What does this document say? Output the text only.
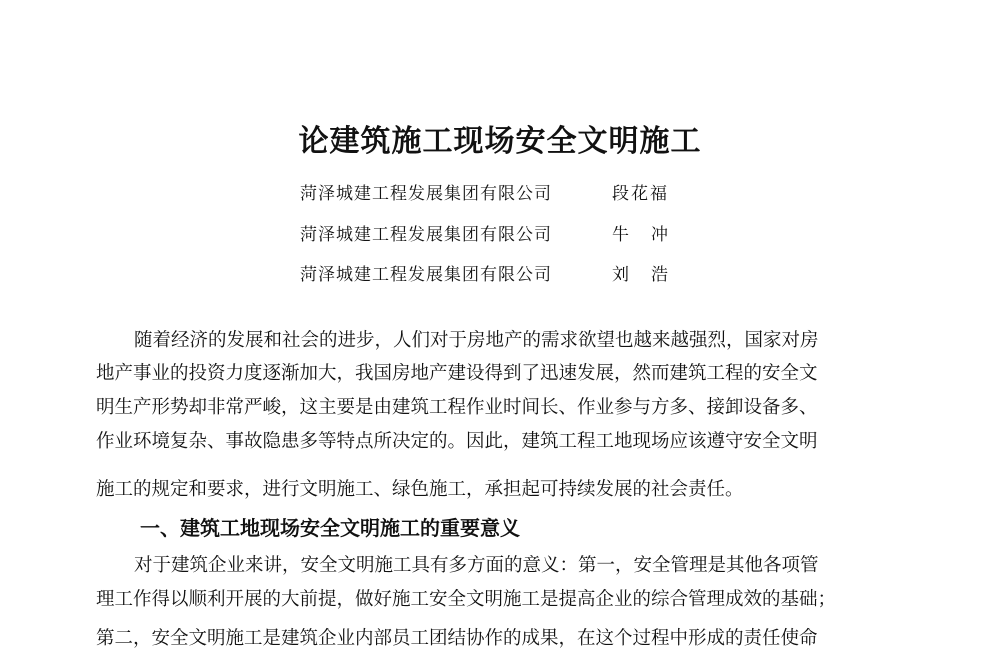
论建筑施工现场安全文明施工
菏泽城建工程发展集团有限公司	段花福
菏泽城建工程发展集团有限公司	牛冲
菏泽城建工程发展集团有限公司	刘浩
随着经济的发展和社会的进步，人们对于房地产的需求欲望也越来越强烈，国家对房
地产事业的投资力度逐渐加大，我国房地产建设得到了迅速发展，然而建筑工程的安全文
明生产形势却非常严峻，这主要是由建筑工程作业时间长、作业参与方多、接卸设备多、
作业环境复杂、事故隐患多等特点所决定的。因此，建筑工程工地现场应该遵守安全文明
施工的规定和要求，进行文明施工、绿色施工，承担起可持续发展的社会责任。
一、建筑工地现场安全文明施工的重要意义
对于建筑企业来讲，安全文明施工具有多方面的意义：第一，安全管理是其他各项管
理工作得以顺利开展的大前提，做好施工安全文明施工是提高企业的综合管理成效的基础；
第二，安全文明施工是建筑企业内部员工团结协作的成果，在这个过程中形成的责任使命
